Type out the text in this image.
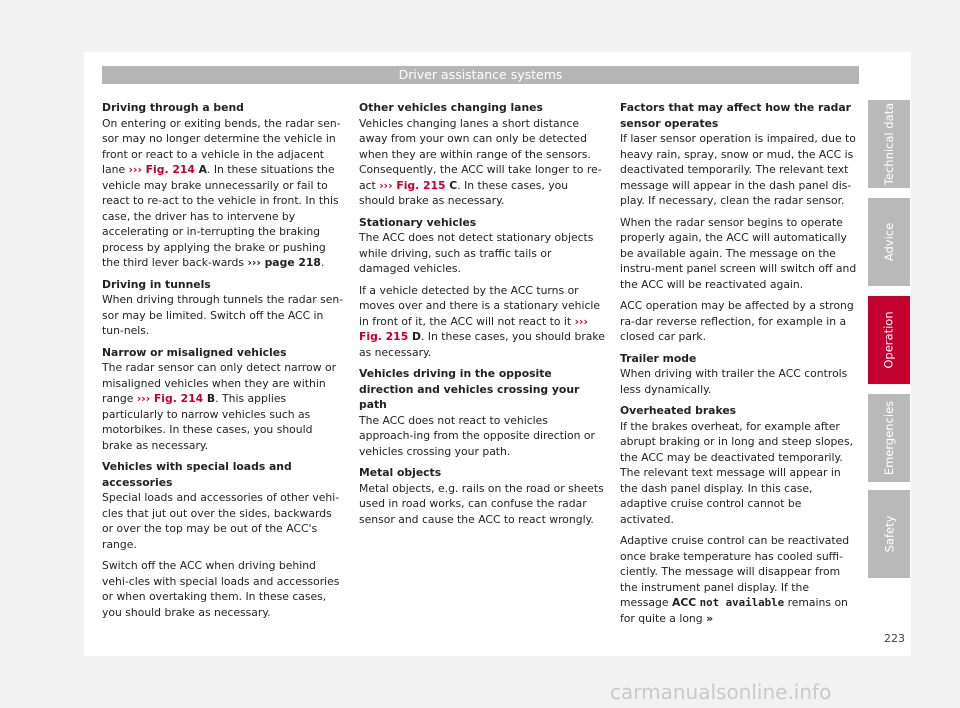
Driver assistance systems
Driving through a bend

On entering or exiting bends, the radar sen-sor may no longer determine the vehicle in front or react to a vehicle in the adjacent lane ››› Fig. 214 A. In these situations the vehicle may brake unnecessarily or fail to react to re-act to the vehicle in front. In this case, the driver has to intervene by accelerating or in-terrupting the braking process by applying the brake or pushing the third lever back-wards ››› page 218.

Driving in tunnels

When driving through tunnels the radar sen-sor may be limited. Switch off the ACC in tun-nels.

Narrow or misaligned vehicles

The radar sensor can only detect narrow or misaligned vehicles when they are within range ››› Fig. 214 B. This applies particularly to narrow vehicles such as motorbikes. In these cases, you should brake as necessary.

Vehicles with special loads and accessories

Special loads and accessories of other vehi-cles that jut out over the sides, backwards or over the top may be out of the ACC's range.

Switch off the ACC when driving behind vehi-cles with special loads and accessories or when overtaking them. In these cases, you should brake as necessary.

Other vehicles changing lanes

Vehicles changing lanes a short distance away from your own can only be detected when they are within range of the sensors. Consequently, the ACC will take longer to re-act ››› Fig. 215 C. In these cases, you should brake as necessary.

Stationary vehicles

The ACC does not detect stationary objects while driving, such as traffic tails or damaged vehicles.

If a vehicle detected by the ACC turns or moves over and there is a stationary vehicle in front of it, the ACC will not react to it ››› Fig. 215 D. In these cases, you should brake as necessary.

Vehicles driving in the opposite direction and vehicles crossing your path

The ACC does not react to vehicles approach-ing from the opposite direction or vehicles crossing your path.

Metal objects

Metal objects, e.g. rails on the road or sheets used in road works, can confuse the radar sensor and cause the ACC to react wrongly.

Factors that may affect how the radar sensor operates

If laser sensor operation is impaired, due to heavy rain, spray, snow or mud, the ACC is deactivated temporarily. The relevant text message will appear in the dash panel dis-play. If necessary, clean the radar sensor.

When the radar sensor begins to operate properly again, the ACC will automatically be available again. The message on the instru-ment panel screen will switch off and the ACC will be reactivated again.

ACC operation may be affected by a strong ra-dar reverse reflection, for example in a closed car park.

Trailer mode

When driving with trailer the ACC controls less dynamically.

Overheated brakes

If the brakes overheat, for example after abrupt braking or in long and steep slopes, the ACC may be deactivated temporarily. The relevant text message will appear in the dash panel display. In this case, adaptive cruise control cannot be activated.

Adaptive cruise control can be reactivated once brake temperature has cooled suffi-ciently. The message will disappear from the instrument panel display. If the message ACC not available remains on for quite a long »

Technical data
Advice
Operation
Emergencies
Safety
223
carmanualsonline.info
